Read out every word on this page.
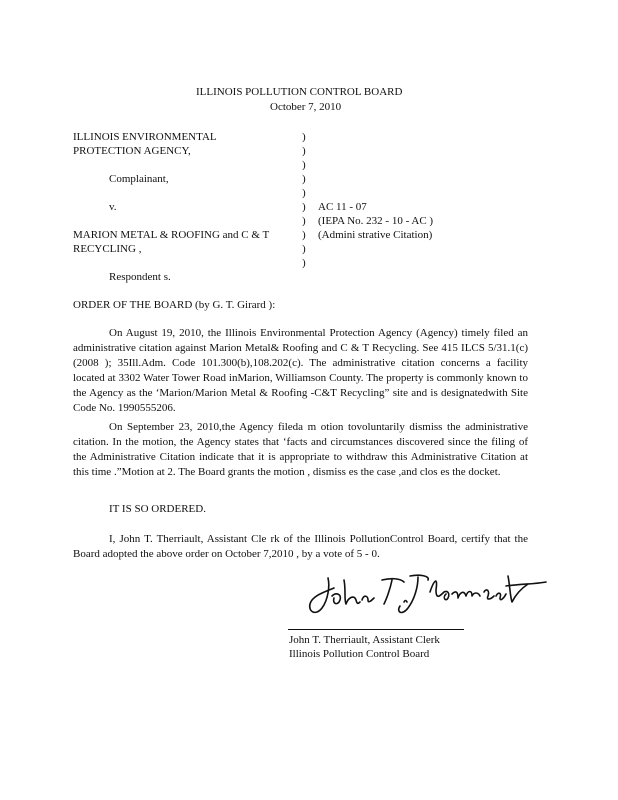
ILLINOIS POLLUTION CONTROL BOARD
October 7, 2010
ILLINOIS ENVIRONMENTAL
PROTECTION AGENCY,
Complainant,
v.
MARION METAL & ROOFING and C & T
RECYCLING ,
Respondent s.
)
)
)
)
)
)
)
)
)
)
AC 11 - 07
(IEPA No. 232 - 10 - AC )
(Admini strative Citation)
ORDER OF THE BOARD (by G. T. Girard ):
On August 19, 2010, the Illinois Environmental Protection Agency (Agency) timely filed an administrative citation against Marion Metal& Roofing and C & T Recycling. See 415 ILCS 5/31.1(c) (2008 ); 35Ill.Adm. Code 101.300(b),108.202(c). The administrative citation concerns a facility located at 3302 Water Tower Road inMarion, Williamson County. The property is commonly known to the Agency as the ‘Marion/Marion Metal & Roofing -C&T Recycling” site and is designatedwith Site Code No. 1990555206.
On September 23, 2010,the Agency fileda m otion tovoluntarily dismiss the administrative citation. In the motion, the Agency states that ‘facts and circumstances discovered since the filing of the Administrative Citation indicate that it is appropriate to withdraw this Administrative Citation at this time .”Motion at 2. The Board grants the motion , dismiss es the case ,and clos es the docket.
IT IS SO ORDERED.
I, John T. Therriault, Assistant Cle rk of the Illinois PollutionControl Board, certify that the Board adopted the above order on October 7,2010 , by a vote of 5 - 0.
John T. Therriault, Assistant Clerk
Illinois Pollution Control Board
